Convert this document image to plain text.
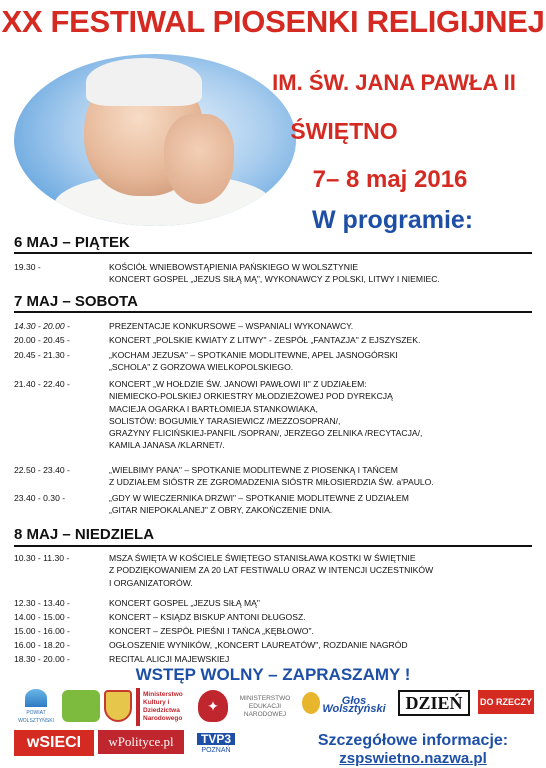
XX FESTIWAL PIOSENKI RELIGIJNEJ
IM. ŚW. JANA PAWŁA II
ŚWIĘTNO
7– 8 maj 2016
W programie:
6 MAJ – PIĄTEK
19.30 -	KOŚCIÓŁ WNIEBOWSTĄPIENIA PAŃSKIEGO W WOLSZTYNIE
KONCERT GOSPEL „JEZUS SIŁĄ MĄ", WYKONAWCY Z POLSKI, LITWY I NIEMIEC.
7 MAJ – SOBOTA
14.30 - 20.00 -	PREZENTACJE KONKURSOWE – WSPANIALI WYKONAWCY.
20.00 - 20.45 -	KONCERT „POLSKIE KWIATY Z LITWY" - ZESPÓŁ „FANTAZJA" Z EJSZYSZEK.
20.45 - 21.30 -	„KOCHAM JEZUSA" – SPOTKANIE MODLITEWNE, APEL JASNOGÓRSKI
„SCHOLA" Z GORZOWA WIELKOPOLSKIEGO.
21.40 - 22.40 -	KONCERT „W HOŁDZIE ŚW. JANOWI PAWŁOWI II" Z UDZIAŁEM:
NIEMIECKO-POLSKIEJ ORKIESTRY MŁODZIEŻOWEJ POD DYREKCJĄ
MACIEJA OGARKA I BARTŁOMIEJA STANKOWIAKA,
SOLISTÓW: BOGUMIŁY TARASIEWICZ /MEZZOSOPRAN/,
GRAŻYNY FLICIŃSKIEJ-PANFIL /SOPRAN/, JERZEGO ZELNIKA /RECYTACJA/,
KAMILA JANASA /KLARNET/.
22.50 - 23.40 -	„WIELBIMY PANA" – SPOTKANIE MODLITEWNE Z PIOSENKĄ I TAŃCEM
Z UDZIAŁEM SIÓSTR ZE ZGROMADZENIA SIÓSTR MIŁOSIERDZIA ŚW. a'PAULO.
23.40 - 0.30 -	„GDY W WIECZERNIKA DRZWI" – SPOTKANIE MODLITEWNE Z UDZIAŁEM
„GITAR NIEPOKALANEJ" Z OBRY, ZAKOŃCZENIE DNIA.
8 MAJ – NIEDZIELA
10.30 - 11.30 -	MSZA ŚWIĘTA W KOŚCIELE ŚWIĘTEGO STANISŁAWA KOSTKI W ŚWIĘTNIE
Z PODZIĘKOWANIEM ZA 20 LAT FESTIWALU ORAZ W INTENCJI UCZESTNIKÓW
I ORGANIZATORÓW.
12.30 - 13.40 -	KONCERT GOSPEL „JEZUS SIŁĄ MĄ"
14.00 - 15.00 -	KONCERT – KSIĄDZ BISKUP ANTONI DŁUGOSZ.
15.00 - 16.00 -	KONCERT – ZESPÓŁ PIEŚNI I TAŃCA „KĘBŁOWO".
16.00 - 18.20 -	OGŁOSZENIE WYNIKÓW, „KONCERT LAUREATÓW", ROZDANIE NAGRÓD
18.30 - 20.00 -	RECITAL ALICJI MAJEWSKIEJ
WSTĘP WOLNY – ZAPRASZAMY !
POWIAT WOLSZTYŃSKI
Ministerstwo Kultury i Dziedzictwa Narodowego
✦	MINISTERSTWO EDUKACJI NARODOWEJ
Głos Wolsztyński	DZIEŃ	DO RZECZY
wSIECI	wPolityce.pl	TVP3
POZNAŃ
Szczegółowe informacje:
zspswietno.nazwa.pl
